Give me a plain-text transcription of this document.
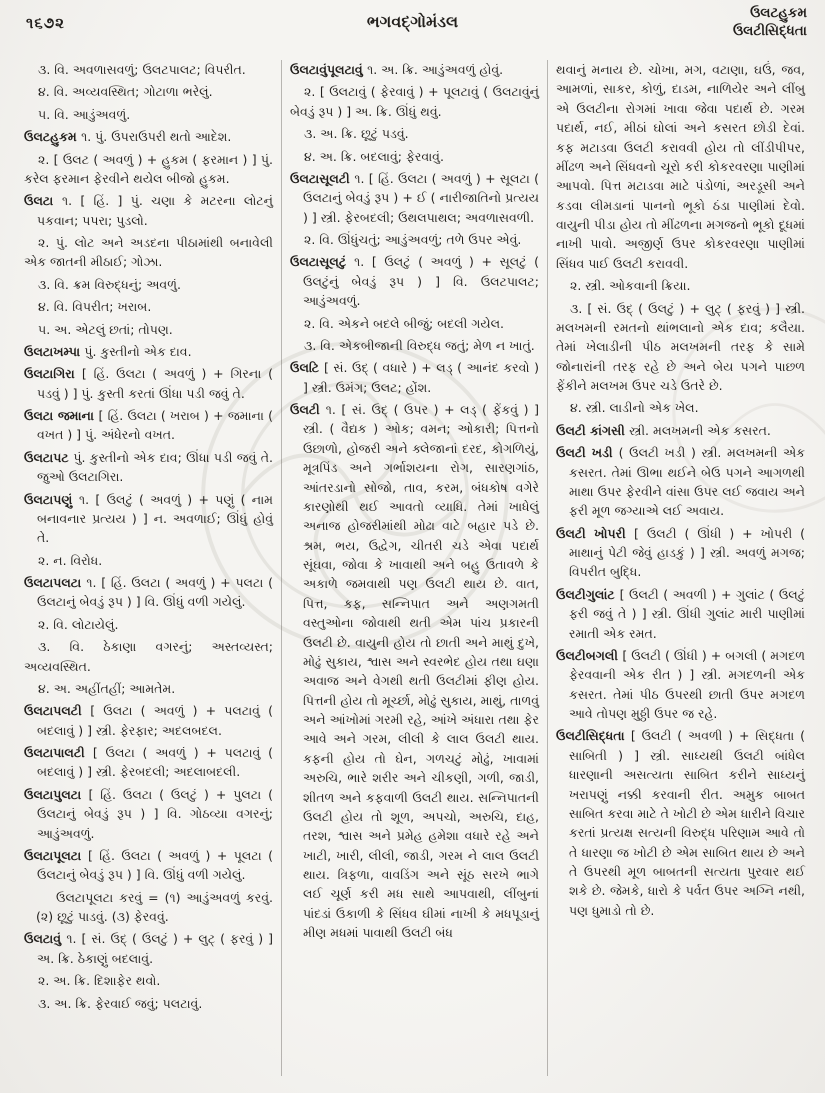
૧૬૭૨	ભગવદ્ગોમંડલ	ઉલટહુકમ
ઉલટીસિદ્ધતા

૩. વિ. અવળાસવળું; ઉલટપાલટ; વિપરીત.

૪. વિ. અવ્યવસ્થિત; ગોટાળા ભરેલું.

૫. વિ. આડુંઅવળું.

ઉલટહુકમ ૧. પું. ઉપરાઉપરી થતો આદેશ.

૨. [ ઉલટ ( અવળું ) + હુકમ ( ફરમાન ) ] પું. કરેલ ફરમાન ફેરવીને થયેલ બીજો હુકમ.

ઉલટા ૧. [ હિં. ] પું. ચણા કે મટરના લોટનું પકવાન; પપરા; પુડલો.

૨. પું. લોટ અને અડદના પીઠામાંથી બનાવેલી એક જાતની મીઠાઈ; ગોઝા.

૩. વિ. ક્રમ વિરુદ્ધનું; અવળું.

૪. વિ. વિપરીત; ખરાબ.

૫. અ. એટલું છતાં; તોપણ.

ઉલટાખમ્પા પું. કુસ્તીનો એક દાવ.

ઉલટાગિરા [ હિં. ઉલટા ( અવળું ) + ગિરના ( પડવું ) ] પું. કુસ્તી કરતાં ઊંધા પડી જવું તે.

ઉલટા જમાના [ હિં. ઉલટા ( ખરાબ ) + જમાના ( વખત ) ] પું. અંધેરનો વખત.

ઉલટાપટ પું. કુસ્તીનો એક દાવ; ઊંધા પડી જવું તે. જુઓ ઉલટાગિરા.

ઉલટાપણું ૧. [ ઉલટું ( અવળું ) + પણું ( નામ બનાવનાર પ્રત્યય ) ] ન. અવળાઈ; ઊંધું હોવું તે.

૨. ન. વિરોધ.

ઉલટાપલટા ૧. [ હિં. ઉલટા ( અવળું ) + પલટા ( ઉલટાનું બેવડું રૂપ ) ] વિ. ઊંધું વળી ગયેલું.

૨. વિ. લોટાયેલું.

૩. વિ. ઠેકાણા વગરનું; અસ્તવ્યસ્ત; અવ્યવસ્થિત.

૪. અ. અહીંતહીં; આમતેમ.

ઉલટાપલટી [ ઉલટા ( અવળું ) + પલટાવું ( બદલાવું ) ] સ્ત્રી. ફેરફાર; અદલબદલ.

ઉલટાપાલટી [ ઉલટા ( અવળું ) + પલટાવું ( બદલાવું ) ] સ્ત્રી. ફેરબદલી; અદલાબદલી.

ઉલટાપુલટા [ હિં. ઉલટા ( ઉલટું ) + પુલટા ( ઉલટાનું બેવડું રૂપ ) ] વિ. ગોઠવ્યા વગરનું; આડુંઅવળું.

ઉલટાપૂલટા [ હિં. ઉલટા ( અવળું ) + પૂલટા ( ઉલટાનું બેવડું રૂપ ) ] વિ. ઊંધું વળી ગયેલું.

ઉલટાપૂલટા કરવું = (૧) આડુંઅવળું કરવું. (૨) છૂટું પાડવું. (૩) ફેરવવું.

ઉલટાવું ૧. [ સં. ઉદ્ ( ઉલટું ) + લુટ્ ( ફરવું ) ] અ. ક્રિ. ઠેકાણું બદલાવું.

૨. અ. ક્રિ. દિશાફેર થવો.

૩. અ. ક્રિ. ફેરવાઈ જવું; પલટાવું.

ઉલટાવુંપૂલટાવું ૧. અ. ક્રિ. આડુંઅવળું હોવું.

૨. [ ઉલટાવું ( ફેરવાવું ) + પૂલટાવું ( ઉલટાવુંનું બેવડું રૂપ ) ] અ. ક્રિ. ઊંધું થવું.

૩. અ. ક્રિ. છૂટું પડવું.

૪. અ. ક્રિ. બદલાવું; ફેરવાવું.

ઉલટાસૂલટી ૧. [ હિં. ઉલટા ( અવળું ) + સૂલટા ( ઉલટાનું બેવડું રૂપ ) + ઈ ( નારીજાતિનો પ્રત્યય ) ] સ્ત્રી. ફેરબદલી; ઉથલપાથલ; અવળાસવળી.

૨. વિ. ઊંધુંચતું; આડુંઅવળું; તળે ઉપર એવું.

ઉલટાસૂલટું ૧. [ ઉલટું ( અવળું ) + સૂલટું ( ઉલટુંનું બેવડું રૂપ ) ] વિ. ઉલટપાલટ; આડુંઅવળું.

૨. વિ. એકને બદલે બીજું; બદલી ગયેલ.

૩. વિ. એકબીજાની વિરુદ્ધ જતું; મેળ ન ખાતું.

ઉલટિ [ સં. ઉદ્ ( વધારે ) + લડ્ ( આનંદ કરવો ) ] સ્ત્રી. ઉમંગ; ઉલટ; હોંશ.

ઉલટી ૧. [ સં. ઉદ્ ( ઉપર ) + લડ્ ( ફેંકવું ) ] સ્ત્રી. ( વૈદ્યક ) ઓક; વમન; ઓકારી; પિત્તનો ઉછાળો, હોજરી અને ક્લેજાનાં દરદ, કોગળિયું, મૂત્રપિંડ અને ગર્ભાશયના રોગ, સારણગાંઠ, આંતરડાનો સોજો, તાવ, કરમ, બંધકોષ વગેરે કારણોથી થઈ આવતો વ્યાધિ. તેમાં ખાધેલું અનાજ હોજરીમાંથી મોઢા વાટે બહાર પડે છે. શ્રમ, ભય, ઉદ્વેગ, ચીતરી ચડે એવા પદાર્થ સૂંઘવા, જોવા કે ખાવાથી અને બહુ ઉતાવળે કે અકાળે જમવાથી પણ ઉલટી થાય છે. વાત, પિત્ત, કફ, સન્નિપાત અને અણગમતી વસ્તુઓના જોવાથી થતી એમ પાંચ પ્રકારની ઉલટી છે. વાયુની હોય તો છાતી અને માથું દુખે, મોઢું સુકાય, શ્વાસ અને સ્વરભેદ હોય તથા ઘણા અવાજ અને વેગથી થતી ઉલટીમાં ફીણ હોય. પિત્તની હોય તો મૂર્ચ્છા, મોઢું સુકાય, માથું, તાળવું અને આંખોમાં ગરમી રહે, આંખે અંધારા તથા ફેર આવે અને ગરમ, લીલી કે લાલ ઉલટી થાય. કફની હોય તો ઘેન, ગળચટું મોઢું, ખાવામાં અરુચિ, ભારે શરીર અને ચીકણી, ગળી, જાડી, શીતળ અને કફવાળી ઉલટી થાય. સન્નિપાતની ઉલટી હોય તો શૂળ, અપચો, અરુચિ, દાહ, તરશ, શ્વાસ અને પ્રમેહ હમેશા વધારે રહે અને ખાટી, ખારી, લીલી, જાડી, ગરમ ને લાલ ઉલટી થાય. ત્રિફળા, વાવડિંગ અને સૂંઠ સરખે ભાગે લઈ ચૂર્ણ કરી મધ સાથે આપવાથી, લીંબુનાં પાંદડાં ઉકાળી કે સિંધવ ઘીમાં નાખી કે મધપૂડાનું મીણ મધમાં પાવાથી ઉલટી બંધ

થવાનું મનાય છે. ચોખા, મગ, વટાણા, ઘઉં, જવ, આમળાં, સાકર, કોળું, દાડમ, નાળિયેર અને લીંબુ એ ઉલટીના રોગમાં ખાવા જેવા પદાર્થ છે. ગરમ પદાર્થ, નઈ, મીઠાં ઘોલાં અને કસરત છોડી દેવાં. કફ મટાડવા ઉલટી કરાવવી હોય તો લીંડીપીપર, મીંઢળ અને સિંધવનો ચૂરો કરી કોકરવરણા પાણીમાં આપવો. પિત્ત મટાડવા માટે પંડોળાં, અરડૂસી અને કડવા લીમડાનાં પાનનો ભૂકો ઠંડા પાણીમાં દેવો. વાયુની પીડા હોય તો મીંઢળના મગજનો ભૂકો દૂધમાં નાખી પાવો. અજીર્ણ ઉપર કોકરવરણા પાણીમાં સિંધવ પાઈ ઉલટી કરાવવી.

૨. સ્ત્રી. ઓકવાની ક્રિયા.

૩. [ સં. ઉદ્ ( ઉલટું ) + લુટ્ ( ફરવું ) ] સ્ત્રી. મલખમની રમતનો થાંભલાનો એક દાવ; કલૈયા. તેમાં ખેલાડીની પીઠ મલખમની તરફ કે સામે જોનારાંની તરફ રહે છે અને બેય પગને પાછળ ફેંકીને મલખમ ઉપર ચડે ઉતરે છે.

૪. સ્ત્રી. લાડીનો એક ખેલ.

ઉલટી કાંગસી સ્ત્રી. મલખમની એક કસરત.

ઉલટી ખડી ( ઉલટી ખડી ) સ્ત્રી. મલખમની એક કસરત. તેમાં ઊભા થઈને બેઉ પગને આગળથી માથા ઉપર ફેરવીને વાંસા ઉપર લઈ જવાય અને ફરી મૂળ જગ્યાએ લઈ અવાય.

ઉલટી ખોપરી [ ઉલટી ( ઊંધી ) + ખોપરી ( માથાનું પેટી જેવું હાડકું ) ] સ્ત્રી. અવળું મગજ; વિપરીત બુદ્ધિ.

ઉલટીગુલાંટ [ ઉલટી ( અવળી ) + ગુલાંટ ( ઉલટું ફરી જવું તે ) ] સ્ત્રી. ઊંધી ગુલાંટ મારી પાણીમાં રમાતી એક રમત.

ઉલટીબગલી [ ઉલટી ( ઊંધી ) + બગલી ( મગદળ ફેરવવાની એક રીત ) ] સ્ત્રી. મગદળની એક કસરત. તેમાં પીઠ ઉપરથી છાતી ઉપર મગદળ આવે તોપણ મુઠ્ઠી ઉપર જ રહે.

ઉલટીસિદ્ધતા [ ઉલટી ( અવળી ) + સિદ્ધતા ( સાબિતી ) ] સ્ત્રી. સાધ્યથી ઉલટી બાંધેલ ધારણાની અસત્યતા સાબિત કરીને સાધ્યનું ખરાપણું નક્કી કરવાની રીત. અમુક બાબત સાબિત કરવા માટે તે ખોટી છે એમ ધારીને વિચાર કરતાં પ્રત્યક્ષ સત્યની વિરુદ્ધ પરિણામ આવે તો તે ધારણા જ ખોટી છે એમ સાબિત થાય છે અને તે ઉપરથી મૂળ બાબતની સત્યતા પુરવાર થઈ શકે છે. જેમકે, ધારો કે પર્વત ઉપર અગ્નિ નથી, પણ ધુમાડો તો છે.
